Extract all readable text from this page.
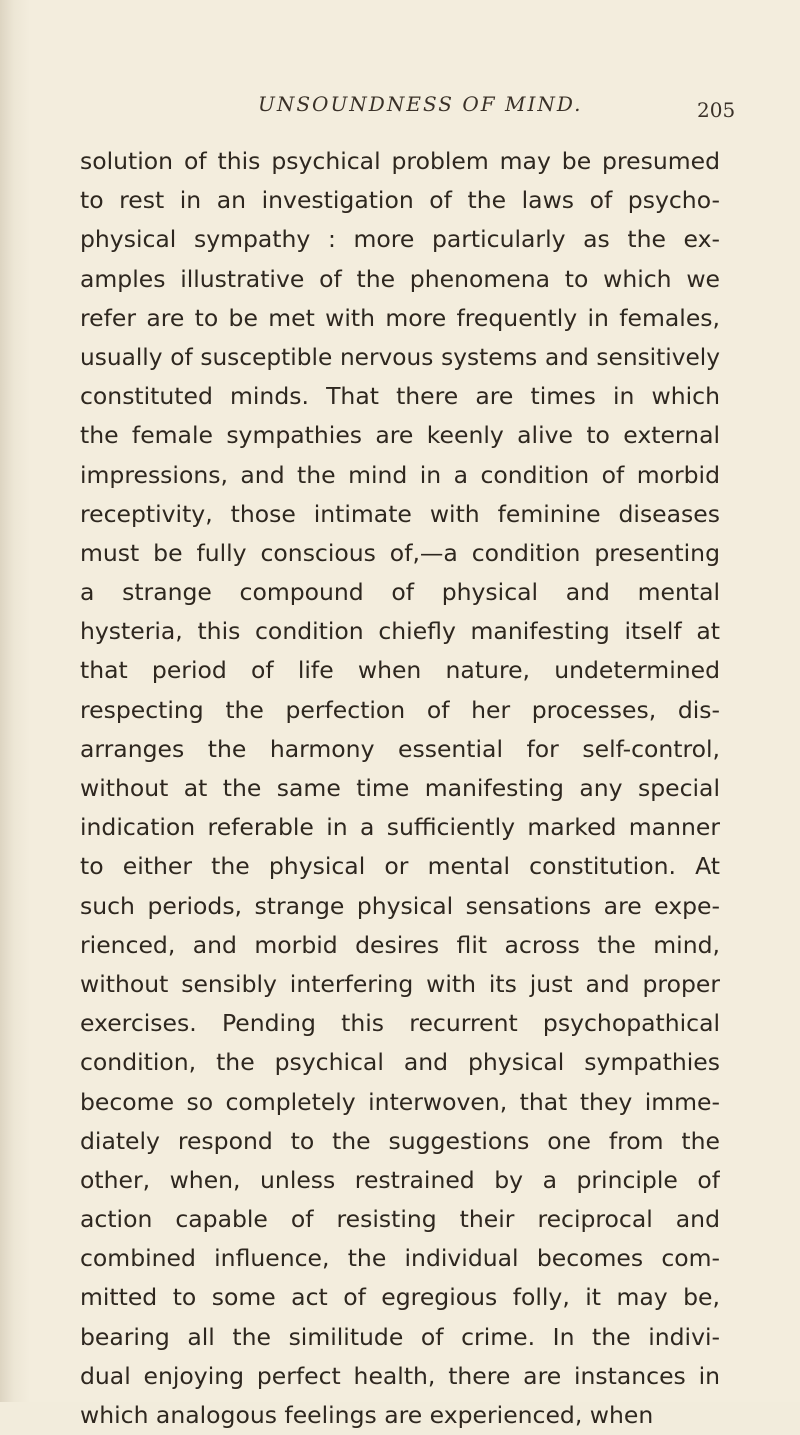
UNSOUNDNESS OF MIND.	205
solution of this psychical problem may be presumed
to rest in an investigation of the laws of psycho-
physical sympathy : more particularly as the ex-
amples illustrative of the phenomena to which we
refer are to be met with more frequently in females,
usually of susceptible nervous systems and sensitively
constituted minds. That there are times in which
the female sympathies are keenly alive to external
impressions, and the mind in a condition of morbid
receptivity, those intimate with feminine diseases
must be fully conscious of,—a condition presenting
a strange compound of physical and mental
hysteria, this condition chiefly manifesting itself at
that period of life when nature, undetermined
respecting the perfection of her processes, dis-
arranges the harmony essential for self-control,
without at the same time manifesting any special
indication referable in a sufficiently marked manner
to either the physical or mental constitution. At
such periods, strange physical sensations are expe-
rienced, and morbid desires flit across the mind,
without sensibly interfering with its just and proper
exercises. Pending this recurrent psychopathical
condition, the psychical and physical sympathies
become so completely interwoven, that they imme-
diately respond to the suggestions one from the
other, when, unless restrained by a principle of
action capable of resisting their reciprocal and
combined influence, the individual becomes com-
mitted to some act of egregious folly, it may be,
bearing all the similitude of crime. In the indivi-
dual enjoying perfect health, there are instances in
which analogous feelings are experienced, when
